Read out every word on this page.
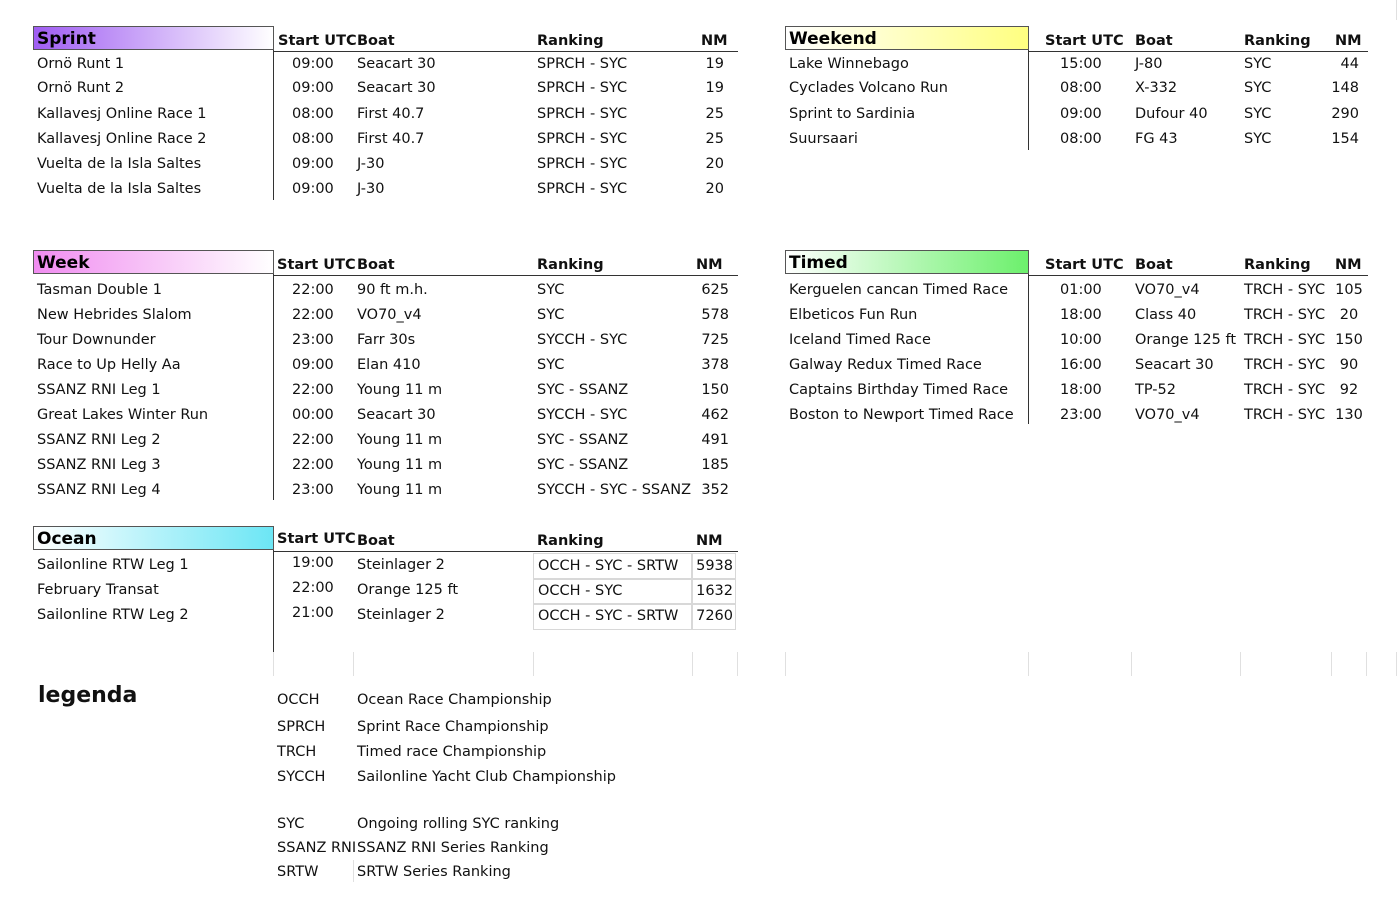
Sprint	Start UTC Boat	Ranking	NM
Ornö Runt 1	09:00 Seacart 30	SPRCH - SYC	19
Ornö Runt 2	09:00 Seacart 30	SPRCH - SYC	19
Kallavesj Online Race 1	08:00 First 40.7	SPRCH - SYC	25
Kallavesj Online Race 2	08:00 First 40.7	SPRCH - SYC	25
Vuelta de la Isla Saltes	09:00 J-30	SPRCH - SYC	20
Vuelta de la Isla Saltes	09:00 J-30	SPRCH - SYC	20
Weekend	Start UTC Boat	Ranking NM
Lake Winnebago	15:00 J-80	SYC	44
Cyclades Volcano Run	08:00 X-332	SYC	148
Sprint to Sardinia	09:00 Dufour 40	SYC	290
Suursaari	08:00 FG 43	SYC	154
Week	Start UTC Boat	Ranking	NM
Tasman Double 1	22:00 90 ft m.h.	SYC	625
New Hebrides Slalom	22:00 VO70_v4	SYC	578
Tour Downunder	23:00 Farr 30s	SYCCH - SYC	725
Race to Up Helly Aa	09:00 Elan 410	SYC	378
SSANZ RNI Leg 1	22:00 Young 11 m	SYC - SSANZ	150
Great Lakes Winter Run	00:00 Seacart 30	SYCCH - SYC	462
SSANZ RNI Leg 2	22:00 Young 11 m	SYC - SSANZ	491
SSANZ RNI Leg 3	22:00 Young 11 m	SYC - SSANZ	185
SSANZ RNI Leg 4	23:00 Young 11 m	SYCCH - SYC - SSANZ 352
Timed	Start UTC Boat	Ranking NM
Kerguelen cancan Timed Race	01:00 VO70_v4	TRCH - SYC 105
Elbeticos Fun Run	18:00 Class 40	TRCH - SYC	20
Iceland Timed Race	10:00 Orange 125 ft TRCH - SYC 150
Galway Redux Timed Race	16:00 Seacart 30 TRCH - SYC	90
Captains Birthday Timed Race	18:00 TP-52	TRCH - SYC	92
Boston to Newport Timed Race	23:00 VO70_v4	TRCH - SYC 130
Ocean	Start UTC Boat	Ranking	NM
Sailonline RTW Leg 1	19:00 Steinlager 2	OCCH - SYC - SRTW	5938
February Transat	22:00 Orange 125 ft	OCCH - SYC	1632
Sailonline RTW Leg 2	21:00 Steinlager 2	OCCH - SYC - SRTW	7260
legenda	OCCH	Ocean Race Championship
SPRCH Sprint Race Championship
TRCH	Timed race Championship
SYCCH Sailonline Yacht Club Championship
SYC	Ongoing rolling SYC ranking
SSANZ RNI SSANZ RNI Series Ranking
SRTW	SRTW Series Ranking
